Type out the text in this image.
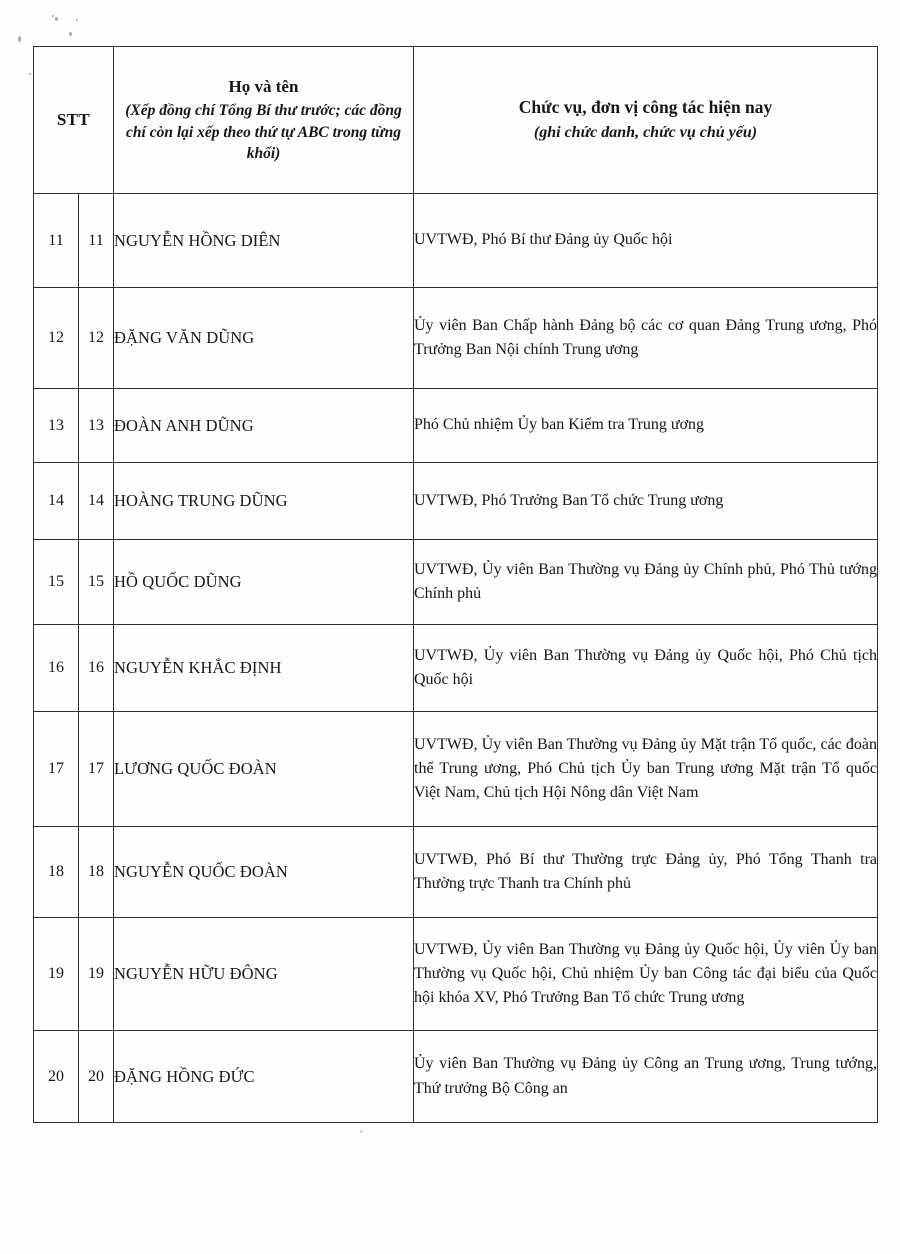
STT		Họ và tên
(Xếp đồng chí Tổng Bí thư trước; các đồng chí còn lại xếp theo thứ tự ABC trong từng khối)	Chức vụ, đơn vị công tác hiện nay
(ghi chức danh, chức vụ chủ yếu)

11	11	NGUYỄN HỒNG DIÊN	UVTWĐ, Phó Bí thư Đảng ủy Quốc hội
12	12	ĐẶNG VĂN DŨNG	Ủy viên Ban Chấp hành Đảng bộ các cơ quan Đảng Trung ương, Phó Trưởng Ban Nội chính Trung ương
13	13	ĐOÀN ANH DŨNG	Phó Chủ nhiệm Ủy ban Kiểm tra Trung ương
14	14	HOÀNG TRUNG DŨNG	UVTWĐ, Phó Trưởng Ban Tổ chức Trung ương
15	15	HỒ QUỐC DŨNG	UVTWĐ, Ủy viên Ban Thường vụ Đảng ủy Chính phủ, Phó Thủ tướng Chính phủ
16	16	NGUYỄN KHẮC ĐỊNH	UVTWĐ, Ủy viên Ban Thường vụ Đảng ủy Quốc hội, Phó Chủ tịch Quốc hội
17	17	LƯƠNG QUỐC ĐOÀN	UVTWĐ, Ủy viên Ban Thường vụ Đảng ủy Mặt trận Tổ quốc, các đoàn thể Trung ương, Phó Chủ tịch Ủy ban Trung ương Mặt trận Tổ quốc Việt Nam, Chủ tịch Hội Nông dân Việt Nam
18	18	NGUYỄN QUỐC ĐOÀN	UVTWĐ, Phó Bí thư Thường trực Đảng ủy, Phó Tổng Thanh tra Thường trực Thanh tra Chính phủ
19	19	NGUYỄN HỮU ĐÔNG	UVTWĐ, Ủy viên Ban Thường vụ Đảng ủy Quốc hội, Ủy viên Ủy ban Thường vụ Quốc hội, Chủ nhiệm Ủy ban Công tác đại biểu của Quốc hội khóa XV, Phó Trưởng Ban Tổ chức Trung ương
20	20	ĐẶNG HỒNG ĐỨC	Ủy viên Ban Thường vụ Đảng ủy Công an Trung ương, Trung tướng, Thứ trưởng Bộ Công an
